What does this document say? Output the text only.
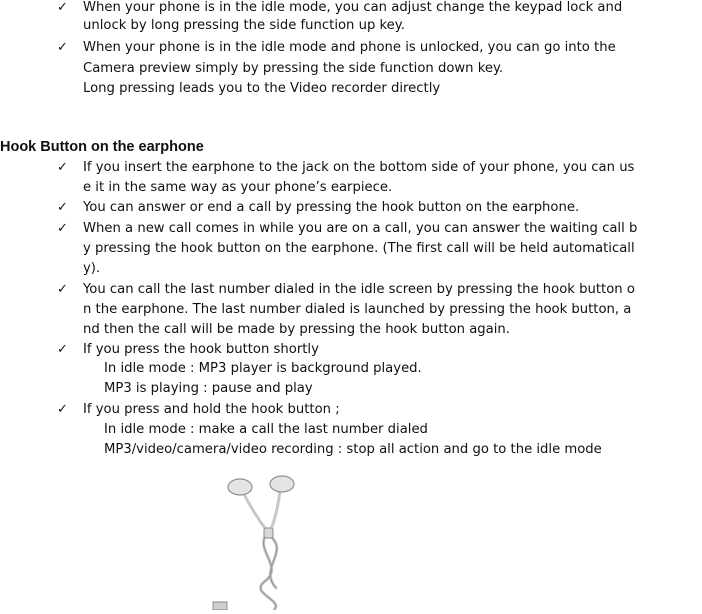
✓ When your phone is in the idle mode, you can adjust change the keypad lock and
unlock by long pressing the side function up key.
✓ When your phone is in the idle mode and phone is unlocked, you can go into the
Camera preview simply by pressing the side function down key.
Long pressing leads you to the Video recorder directly
Hook Button on the earphone
✓ If you insert the earphone to the jack on the bottom side of your phone, you can us
e it in the same way as your phone’s earpiece.
✓ You can answer or end a call by pressing the hook button on the earphone.
✓ When a new call comes in while you are on a call, you can answer the waiting call b
y pressing the hook button on the earphone. (The first call will be held automaticall
y).
✓ You can call the last number dialed in the idle screen by pressing the hook button o
n the earphone. The last number dialed is launched by pressing the hook button, a
nd then the call will be made by pressing the hook button again.
✓ If you press the hook button shortly
In idle mode : MP3 player is background played.
MP3 is playing : pause and play
✓ If you press and hold the hook button ;
In idle mode : make a call the last number dialed
MP3/video/camera/video recording : stop all action and go to the idle mode
